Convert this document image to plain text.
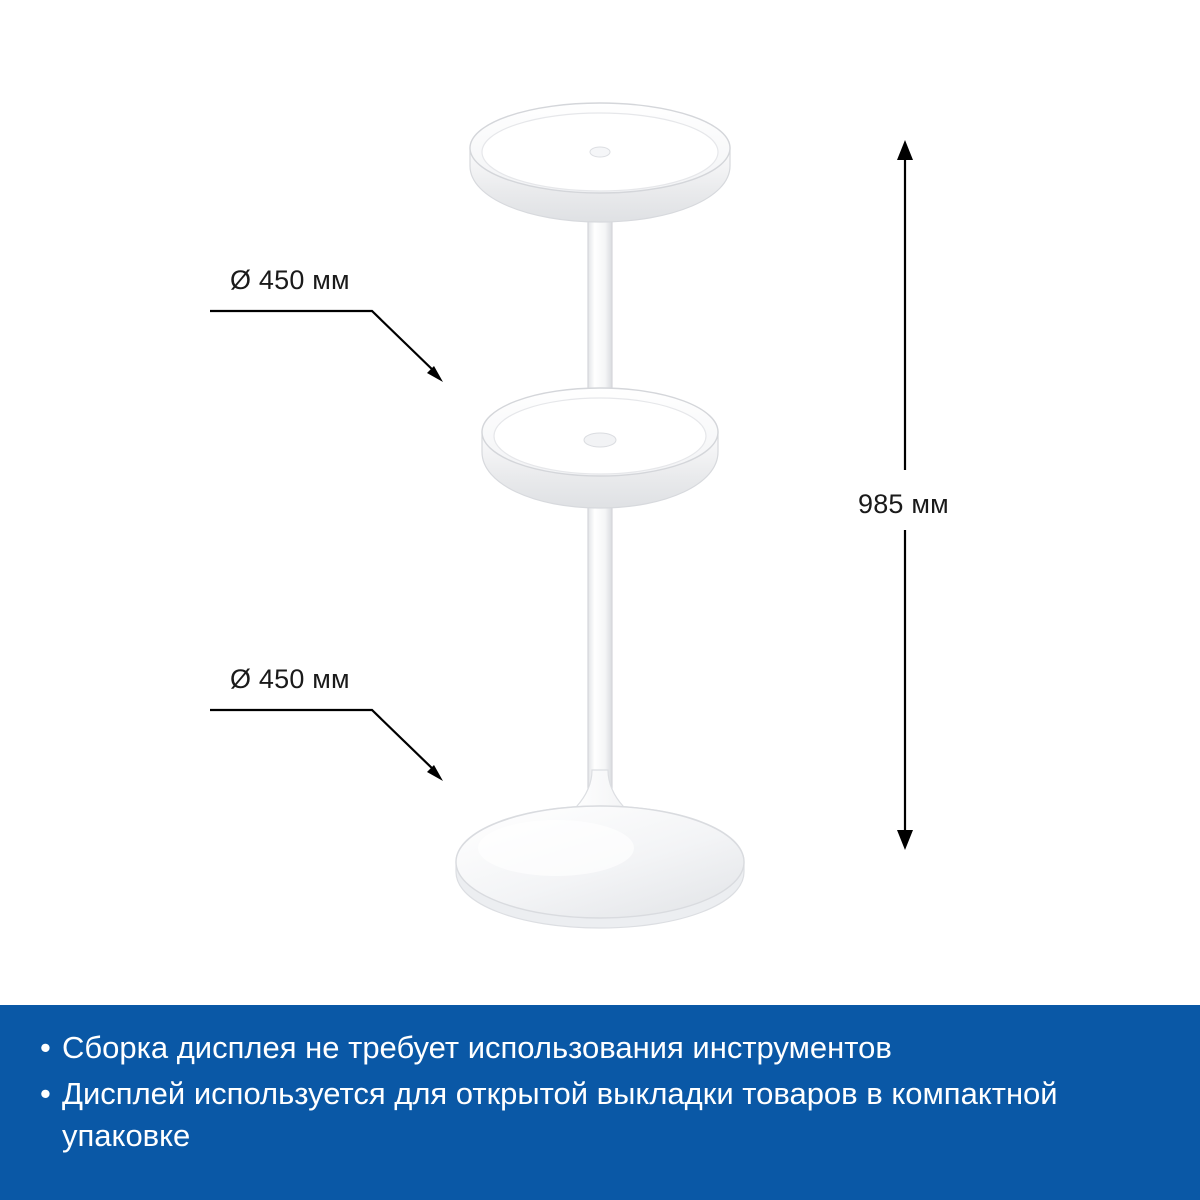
Ø 450 мм
Ø 450 мм
985 мм
• Сборка дисплея не требует использования инструментов
• Дисплей используется для открытой выкладки товаров в компактной упаковке
